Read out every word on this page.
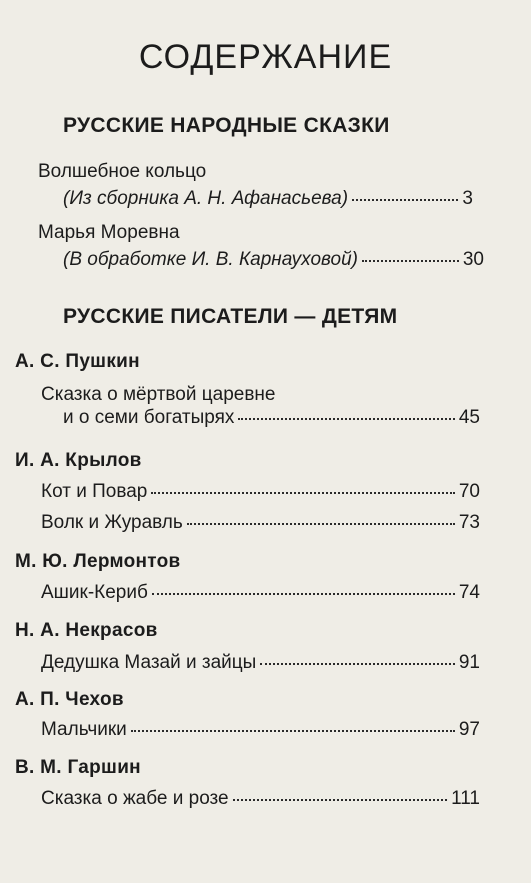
СОДЕРЖАНИЕ
РУССКИЕ НАРОДНЫЕ СКАЗКИ
Волшебное кольцо
(Из сборника А. Н. Афанасьева)	3
Марья Моревна
(В обработке И. В. Карнауховой)	30
РУССКИЕ ПИСАТЕЛИ — ДЕТЯМ
А. С. Пушкин
Сказка о мёртвой царевне
и о семи богатырях	45
И. А. Крылов
Кот и Повар	70
Волк и Журавль	73
М. Ю. Лермонтов
Ашик-Кериб	74
Н. А. Некрасов
Дедушка Мазай и зайцы	91
А. П. Чехов
Мальчики	97
В. М. Гаршин
Сказка о жабе и розе	111
